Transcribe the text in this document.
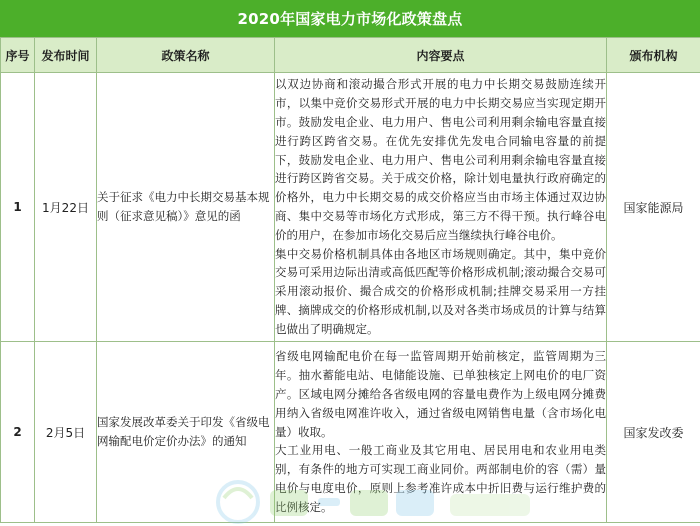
2020年国家电力市场化政策盘点
序号	发布时间	政策名称	内容要点	颁布机构
1	1月22日	关于征求《电力中长期交易基本规则（征求意见稿）》意见的函	以双边协商和滚动撮合形式开展的电力中长期交易鼓励连续开市，以集中竞价交易形式开展的电力中长期交易应当实现定期开市。鼓励发电企业、电力用户、售电公司利用剩余输电容量直接进行跨区跨省交易。在优先安排优先发电合同输电容量的前提下，鼓励发电企业、电力用户、售电公司利用剩余输电容量直接进行跨区跨省交易。关于成交价格，除计划电量执行政府确定的价格外，电力中长期交易的成交价格应当由市场主体通过双边协商、集中交易等市场化方式形成，第三方不得干预。执行峰谷电价的用户，在参加市场化交易后应当继续执行峰谷电价。
集中交易价格机制具体由各地区市场规则确定。其中，集中竞价交易可采用边际出清或高低匹配等价格形成机制;滚动撮合交易可采用滚动报价、撮合成交的价格形成机制;挂牌交易采用一方挂牌、摘牌成交的价格形成机制,以及对各类市场成员的计算与结算也做出了明确规定。	国家能源局
2	2月5日	国家发展改革委关于印发《省级电网输配电价定价办法》的通知	省级电网输配电价在每一监管周期开始前核定，监管周期为三年。抽水蓄能电站、电储能设施、已单独核定上网电价的电厂资产。区域电网分摊给各省级电网的容量电费作为上级电网分摊费用纳入省级电网准许收入，通过省级电网销售电量（含市场化电量）收取。
大工业用电、一般工商业及其它用电、居民用电和农业用电类别，有条件的地方可实现工商业同价。两部制电价的容（需）量电价与电度电价，原则上参考准许成本中折旧费与运行维护费的比例核定。	国家发改委
